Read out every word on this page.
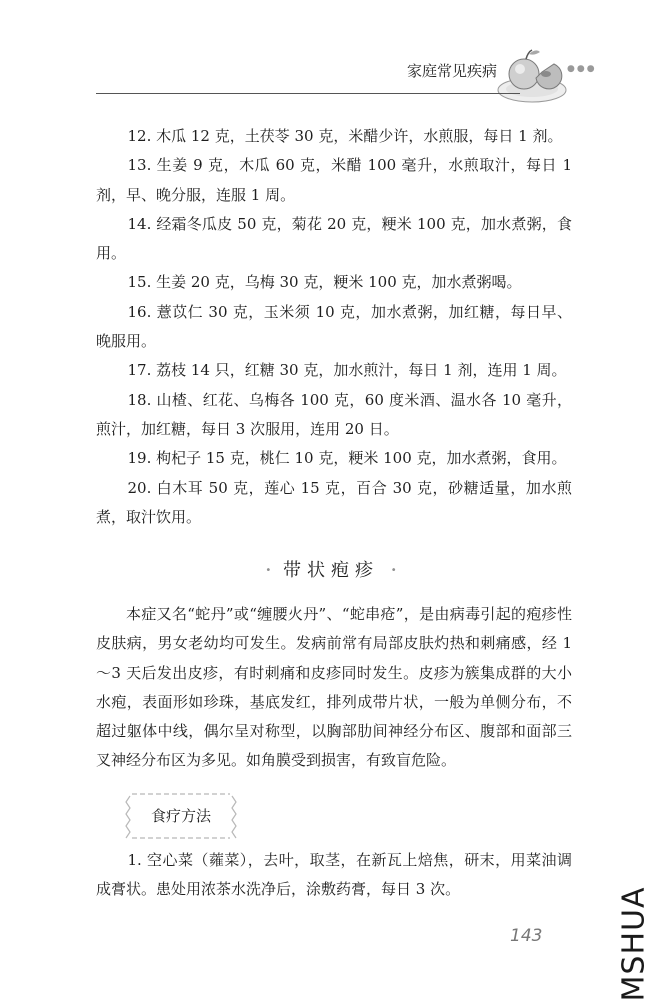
家庭常见疾病	●●●

12. 木瓜 12 克，土茯苓 30 克，米醋少许，水煎服，每日 1 剂。

13. 生姜 9 克，木瓜 60 克，米醋 100 毫升，水煎取汁，每日 1 剂，早、晚分服，连服 1 周。

14. 经霜冬瓜皮 50 克，菊花 20 克，粳米 100 克，加水煮粥，食用。

15. 生姜 20 克，乌梅 30 克，粳米 100 克，加水煮粥喝。

16. 薏苡仁 30 克，玉米须 10 克，加水煮粥，加红糖，每日早、晚服用。

17. 荔枝 14 只，红糖 30 克，加水煎汁，每日 1 剂，连用 1 周。

18. 山楂、红花、乌梅各 100 克，60 度米酒、温水各 10 毫升，煎汁，加红糖，每日 3 次服用，连用 20 日。

19. 枸杞子 15 克，桃仁 10 克，粳米 100 克，加水煮粥，食用。

20. 白木耳 50 克，莲心 15 克，百合 30 克，砂糖适量，加水煎煮，取汁饮用。

• 带状疱疹 •

本症又名“蛇丹”或“缠腰火丹”、“蛇串疮”，是由病毒引起的疱疹性皮肤病，男女老幼均可发生。发病前常有局部皮肤灼热和刺痛感，经 1～3 天后发出皮疹，有时刺痛和皮疹同时发生。皮疹为簇集成群的大小水疱，表面形如珍珠，基底发红，排列成带片状，一般为单侧分布，不超过躯体中线，偶尔呈对称型，以胸部肋间神经分布区、腹部和面部三叉神经分布区为多见。如角膜受到损害，有致盲危险。

食疗方法

1. 空心菜（蕹菜），去叶，取茎，在新瓦上焙焦，研末，用菜油调成膏状。患处用浓茶水洗净后，涂敷药膏，每日 3 次。

143 MSHUA
